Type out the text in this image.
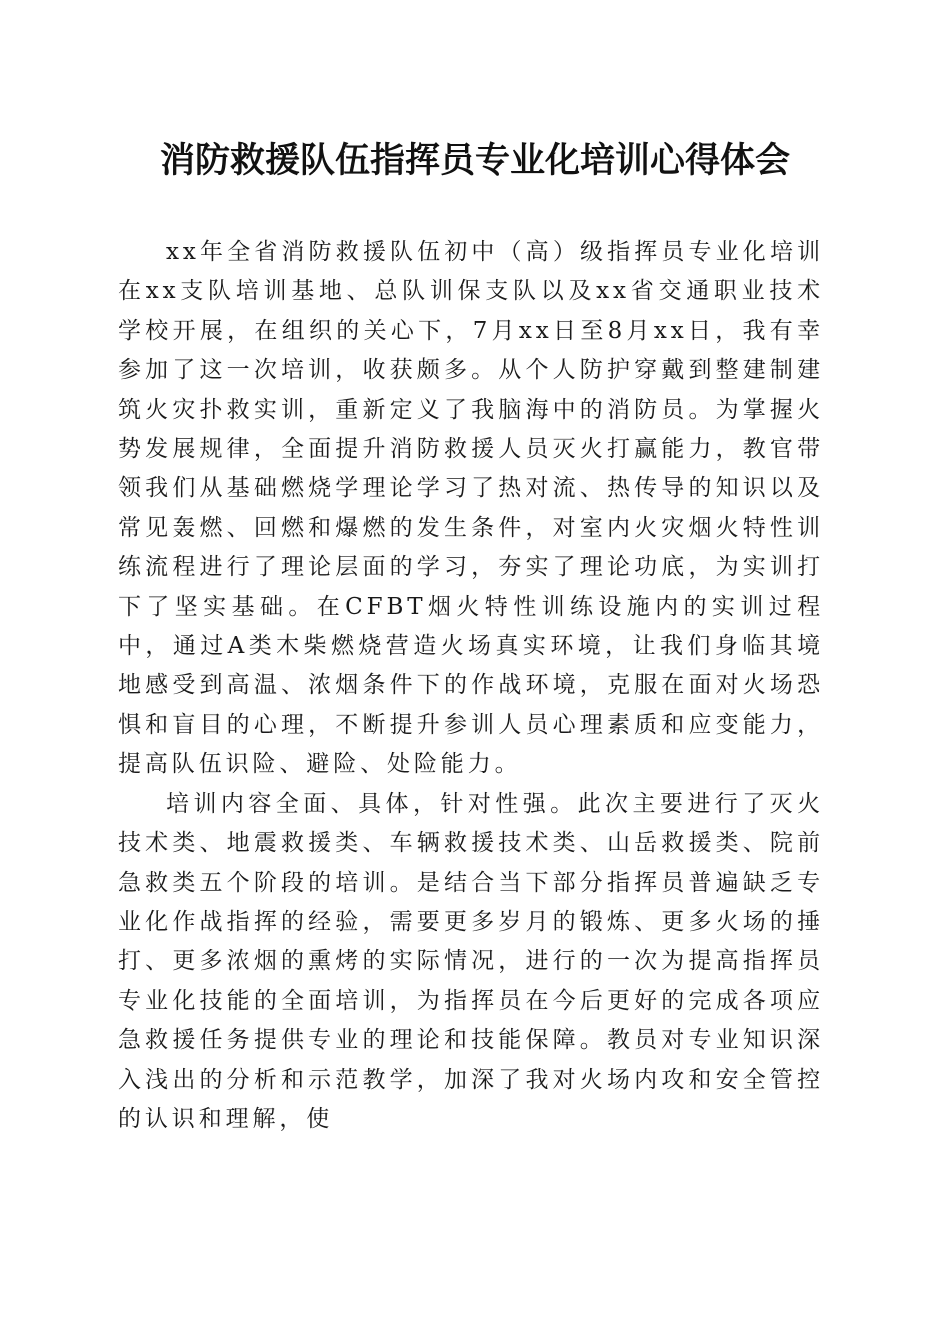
消防救援队伍指挥员专业化培训心得体会

xx年全省消防救援队伍初中（高）级指挥员专业化培训在xx支队培训基地、总队训保支队以及xx省交通职业技术学校开展，在组织的关心下，7月xx日至8月xx日，我有幸参加了这一次培训，收获颇多。从个人防护穿戴到整建制建筑火灾扑救实训，重新定义了我脑海中的消防员。为掌握火势发展规律，全面提升消防救援人员灭火打赢能力，教官带领我们从基础燃烧学理论学习了热对流、热传导的知识以及常见轰燃、回燃和爆燃的发生条件，对室内火灾烟火特性训练流程进行了理论层面的学习，夯实了理论功底，为实训打下了坚实基础。在CFBT烟火特性训练设施内的实训过程中，通过A类木柴燃烧营造火场真实环境，让我们身临其境地感受到高温、浓烟条件下的作战环境，克服在面对火场恐惧和盲目的心理，不断提升参训人员心理素质和应变能力，提高队伍识险、避险、处险能力。

培训内容全面、具体，针对性强。此次主要进行了灭火技术类、地震救援类、车辆救援技术类、山岳救援类、院前急救类五个阶段的培训。是结合当下部分指挥员普遍缺乏专业化作战指挥的经验，需要更多岁月的锻炼、更多火场的捶打、更多浓烟的熏烤的实际情况，进行的一次为提高指挥员专业化技能的全面培训，为指挥员在今后更好的完成各项应急救援任务提供专业的理论和技能保障。教员对专业知识深入浅出的分析和示范教学，加深了我对火场内攻和安全管控的认识和理解，使
